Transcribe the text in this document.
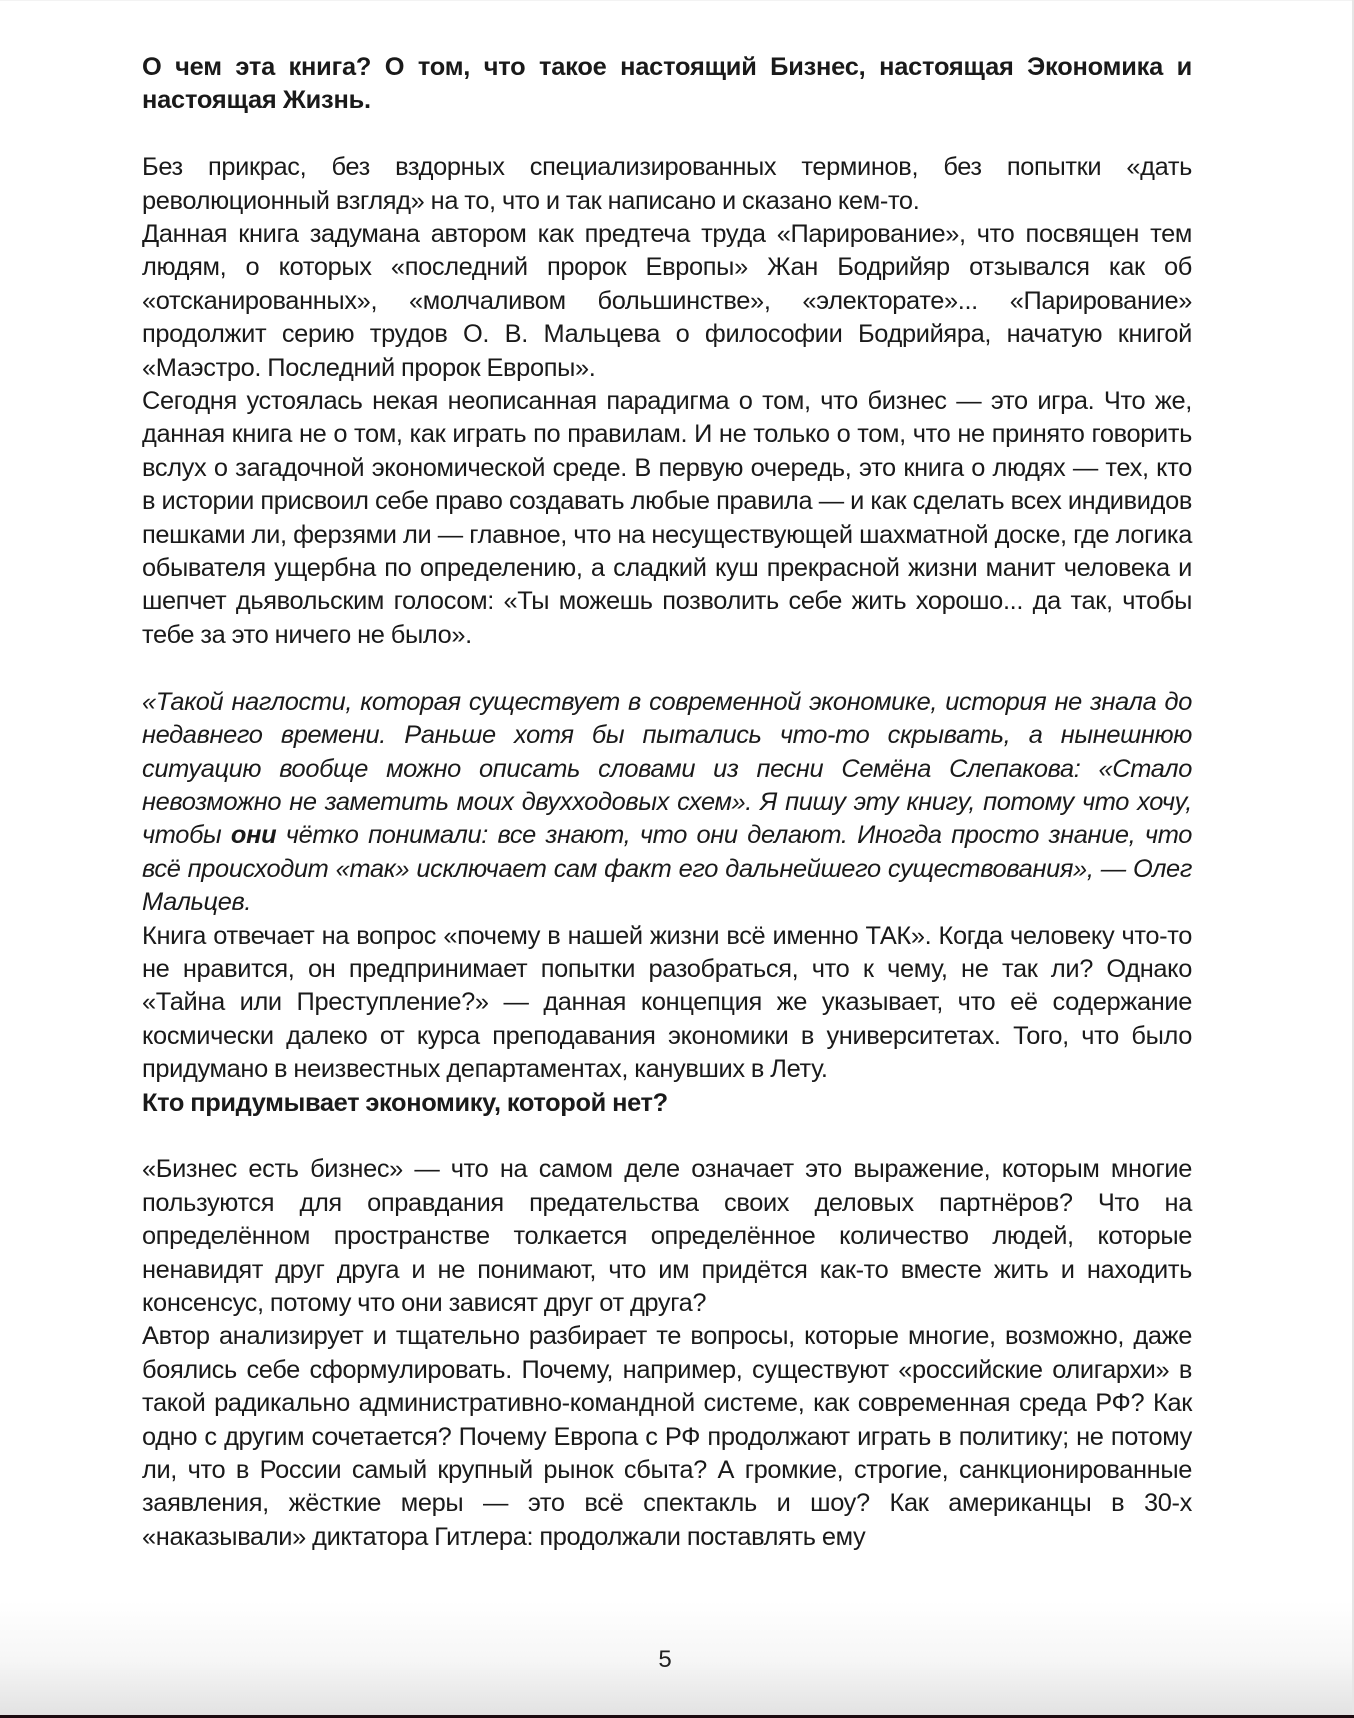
О чем эта книга? О том, что такое настоящий Бизнес, настоящая Экономика и настоящая Жизнь.

Без прикрас, без вздорных специализированных терминов, без попытки «дать революционный взгляд» на то, что и так написано и сказано кем-то.

Данная книга задумана автором как предтеча труда «Парирование», что посвящен тем людям, о которых «последний пророк Европы» Жан Бодрийяр отзывался как об «отсканированных», «молчаливом большинстве», «электорате»... «Парирование» продолжит серию трудов О. В. Мальцева о философии Бодрийяра, начатую книгой «Маэстро. Последний пророк Европы».

Сегодня устоялась некая неописанная парадигма о том, что бизнес — это игра. Что же, данная книга не о том, как играть по правилам. И не только о том, что не принято говорить вслух о загадочной экономической среде. В первую очередь, это книга о людях — тех, кто в истории присвоил себе право создавать любые правила — и как сделать всех индивидов пешками ли, ферзями ли — главное, что на несуществующей шахматной доске, где логика обывателя ущербна по определению, а сладкий куш прекрасной жизни манит человека и шепчет дьявольским голосом: «Ты можешь позволить себе жить хорошо... да так, чтобы тебе за это ничего не было».

«Такой наглости, которая существует в современной экономике, история не знала до недавнего времени. Раньше хотя бы пытались что-то скрывать, а нынешнюю ситуацию вообще можно описать словами из песни Семёна Слепакова: «Стало невозможно не заметить моих двухходовых схем». Я пишу эту книгу, потому что хочу, чтобы они чётко понимали: все знают, что они делают. Иногда просто знание, что всё происходит «так» исключает сам факт его дальнейшего существования», — Олег Мальцев.

Книга отвечает на вопрос «почему в нашей жизни всё именно ТАК». Когда человеку что-то не нравится, он предпринимает попытки разобраться, что к чему, не так ли? Однако «Тайна или Преступление?» — данная концепция же указывает, что её содержание космически далеко от курса преподавания экономики в университетах. Того, что было придумано в неизвестных департаментах, канувших в Лету.

Кто придумывает экономику, которой нет?

«Бизнес есть бизнес» — что на самом деле означает это выражение, которым многие пользуются для оправдания предательства своих деловых партнёров? Что на определённом пространстве толкается определённое количество людей, которые ненавидят друг друга и не понимают, что им придётся как-то вместе жить и находить консенсус, потому что они зависят друг от друга?

Автор анализирует и тщательно разбирает те вопросы, которые многие, возможно, даже боялись себе сформулировать. Почему, например, существуют «российские олигархи» в такой радикально административно-командной системе, как современная среда РФ? Как одно с другим сочетается? Почему Европа с РФ продолжают играть в политику; не потому ли, что в России самый крупный рынок сбыта? А громкие, строгие, санкционированные заявления, жёсткие меры — это всё спектакль и шоу? Как американцы в 30-х «наказывали» диктатора Гитлера: продолжали поставлять ему

5
